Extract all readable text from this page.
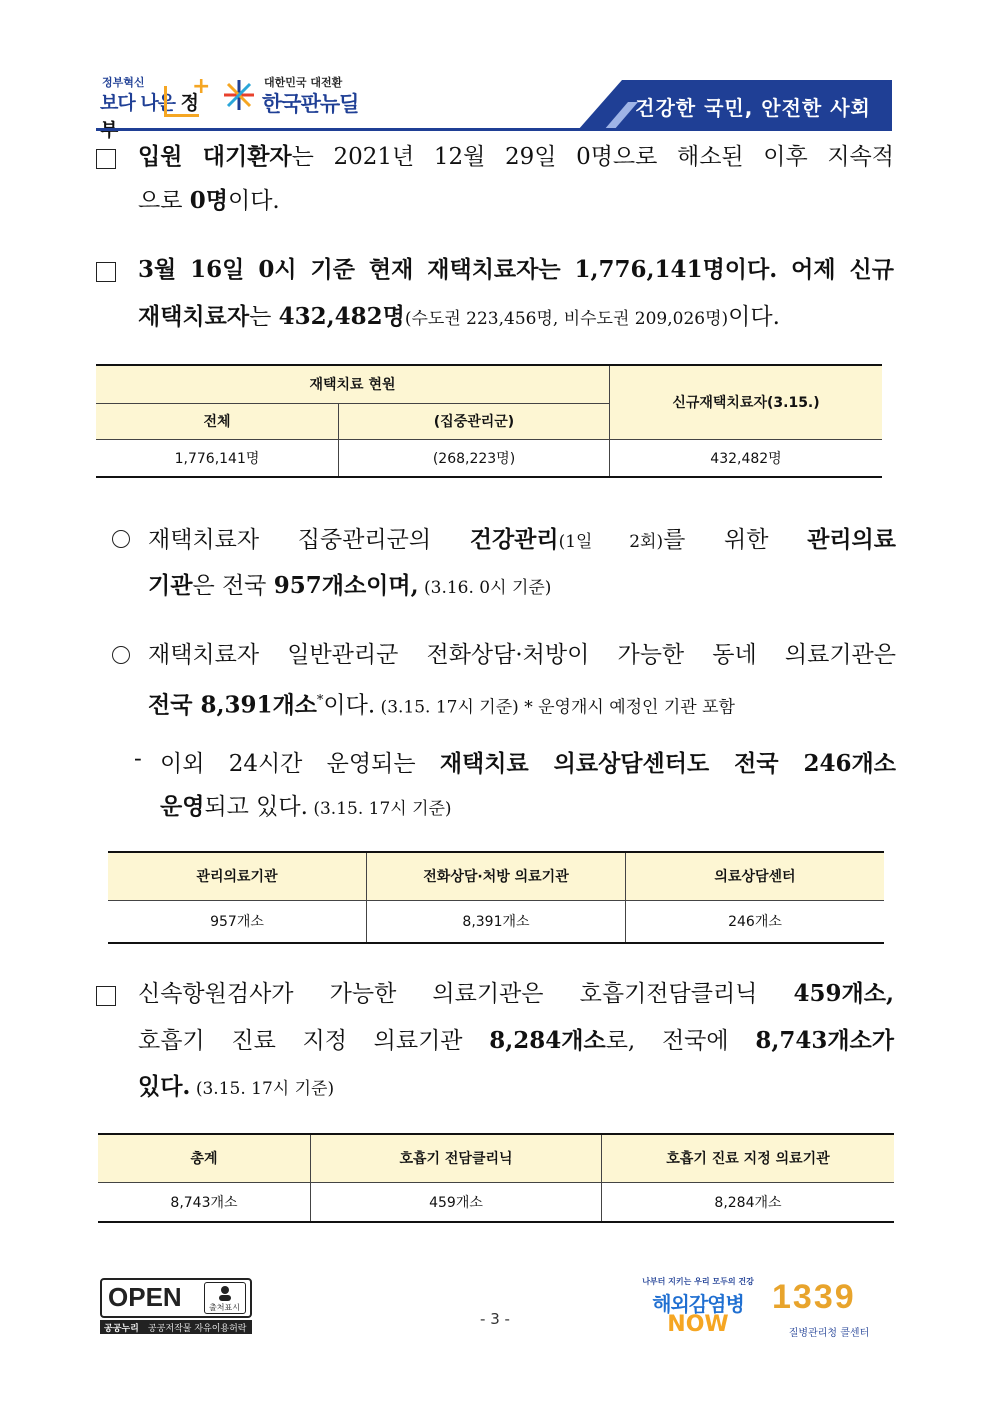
정부혁신
보다 나은 정
+	대한민국 대전환
한국판뉴딜	건강한 국민, 안전한 사회
입원 대기환자는 2021년 12월 29일 0명으로 해소된 이후 지속적
으로 0명이다.
3월 16일 0시 기준 현재 재택치료자는 1,776,141명이다. 어제 신규
재택치료자는 432,482명(수도권 223,456명, 비수도권 209,026명)이다.
재택치료 현원		신규재택치료자(3.15.)
전체	(집중관리군)	
1,776,141명	(268,223명)	432,482명
재택치료자 집중관리군의 건강관리(1일 2회)를 위한 관리의료
기관은 전국 957개소이며, (3.16. 0시 기준)
재택치료자 일반관리군 전화상담·처방이 가능한 동네 의료기관은
전국 8,391개소*이다. (3.15. 17시 기준) * 운영개시 예정인 기관 포함
- 이외 24시간 운영되는 재택치료 의료상담센터도 전국 246개소
운영되고 있다. (3.15. 17시 기준)
관리의료기관	전화상담·처방 의료기관	의료상담센터
957개소	8,391개소	246개소
신속항원검사가 가능한 의료기관은 호흡기전담클리닉 459개소,
호흡기 진료 지정 의료기관 8,284개소로, 전국에 8,743개소가
있다. (3.15. 17시 기준)
총계	호흡기 전담클리닉	호흡기 진료 지정 의료기관
8,743개소	459개소	8,284개소
OPEN	출처표시
공공누리 공공저작물 자유이용허락
- 3 -
나부터 지키는 우리 모두의 건강
해외감염병
NOW
1339
질병관리청 콜센터
